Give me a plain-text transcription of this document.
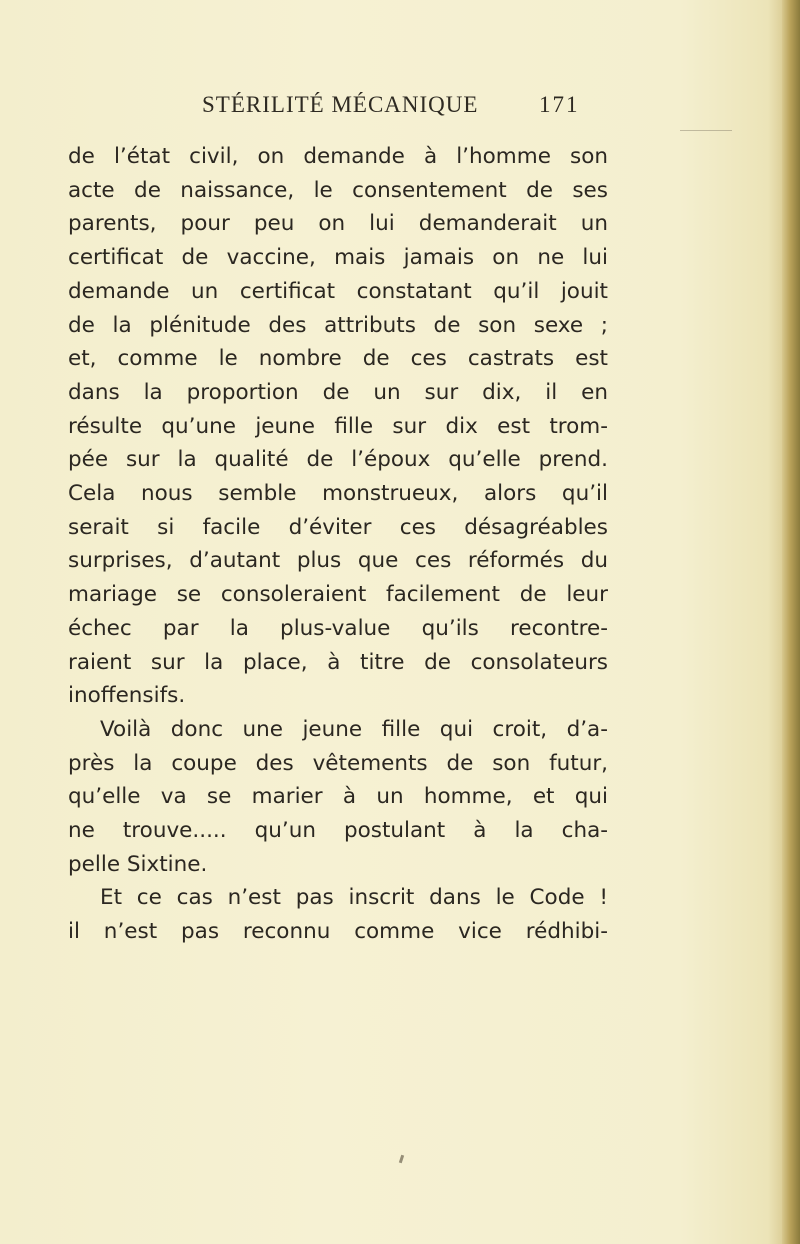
STÉRILITÉ MÉCANIQUE	171
de l’état civil, on demande à l’homme son
acte de naissance, le consentement de ses
parents, pour peu on lui demanderait un
certificat de vaccine, mais jamais on ne lui
demande un certificat constatant qu’il jouit
de la plénitude des attributs de son sexe ;
et, comme le nombre de ces castrats est
dans la proportion de un sur dix, il en
résulte qu’une jeune fille sur dix est trom-
pée sur la qualité de l’époux qu’elle prend.
Cela nous semble monstrueux, alors qu’il
serait si facile d’éviter ces désagréables
surprises, d’autant plus que ces réformés du
mariage se consoleraient facilement de leur
échec par la plus-value qu’ils recontre-
raient sur la place, à titre de consolateurs
inoffensifs.
Voilà donc une jeune fille qui croit, d’a-
près la coupe des vêtements de son futur,
qu’elle va se marier à un homme, et qui
ne trouve..... qu’un postulant à la cha-
pelle Sixtine.
Et ce cas n’est pas inscrit dans le Code !
il n’est pas reconnu comme vice rédhibi-
